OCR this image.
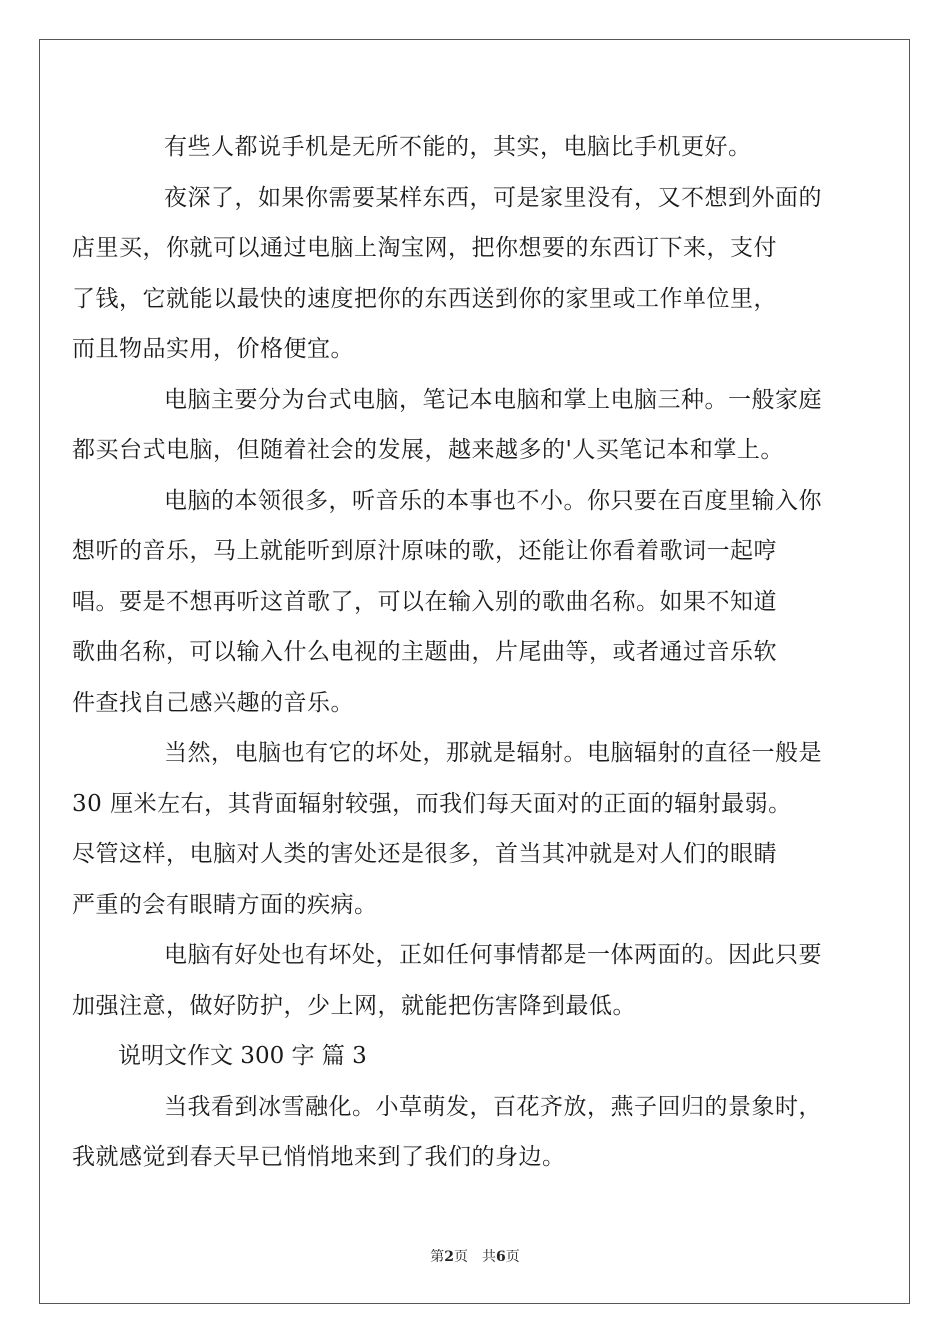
有些人都说手机是无所不能的，其实，电脑比手机更好。

夜深了，如果你需要某样东西，可是家里没有，又不想到外面的
店里买，你就可以通过电脑上淘宝网，把你想要的东西订下来，支付
了钱，它就能以最快的速度把你的东西送到你的家里或工作单位里，
而且物品实用，价格便宜。

电脑主要分为台式电脑，笔记本电脑和掌上电脑三种。一般家庭
都买台式电脑，但随着社会的发展，越来越多的'人买笔记本和掌上。

电脑的本领很多，听音乐的本事也不小。你只要在百度里输入你
想听的音乐，马上就能听到原汁原味的歌，还能让你看着歌词一起哼
唱。要是不想再听这首歌了，可以在输入别的歌曲名称。如果不知道
歌曲名称，可以输入什么电视的主题曲，片尾曲等，或者通过音乐软
件查找自己感兴趣的音乐。

当然，电脑也有它的坏处，那就是辐射。电脑辐射的直径一般是
30 厘米左右，其背面辐射较强，而我们每天面对的正面的辐射最弱。
尽管这样，电脑对人类的害处还是很多，首当其冲就是对人们的眼睛
严重的会有眼睛方面的疾病。

电脑有好处也有坏处，正如任何事情都是一体两面的。因此只要
加强注意，做好防护，少上网，就能把伤害降到最低。

说明文作文 300 字 篇 3

当我看到冰雪融化。小草萌发，百花齐放，燕子回归的景象时，
我就感觉到春天早已悄悄地来到了我们的身边。

第2页 共6页
